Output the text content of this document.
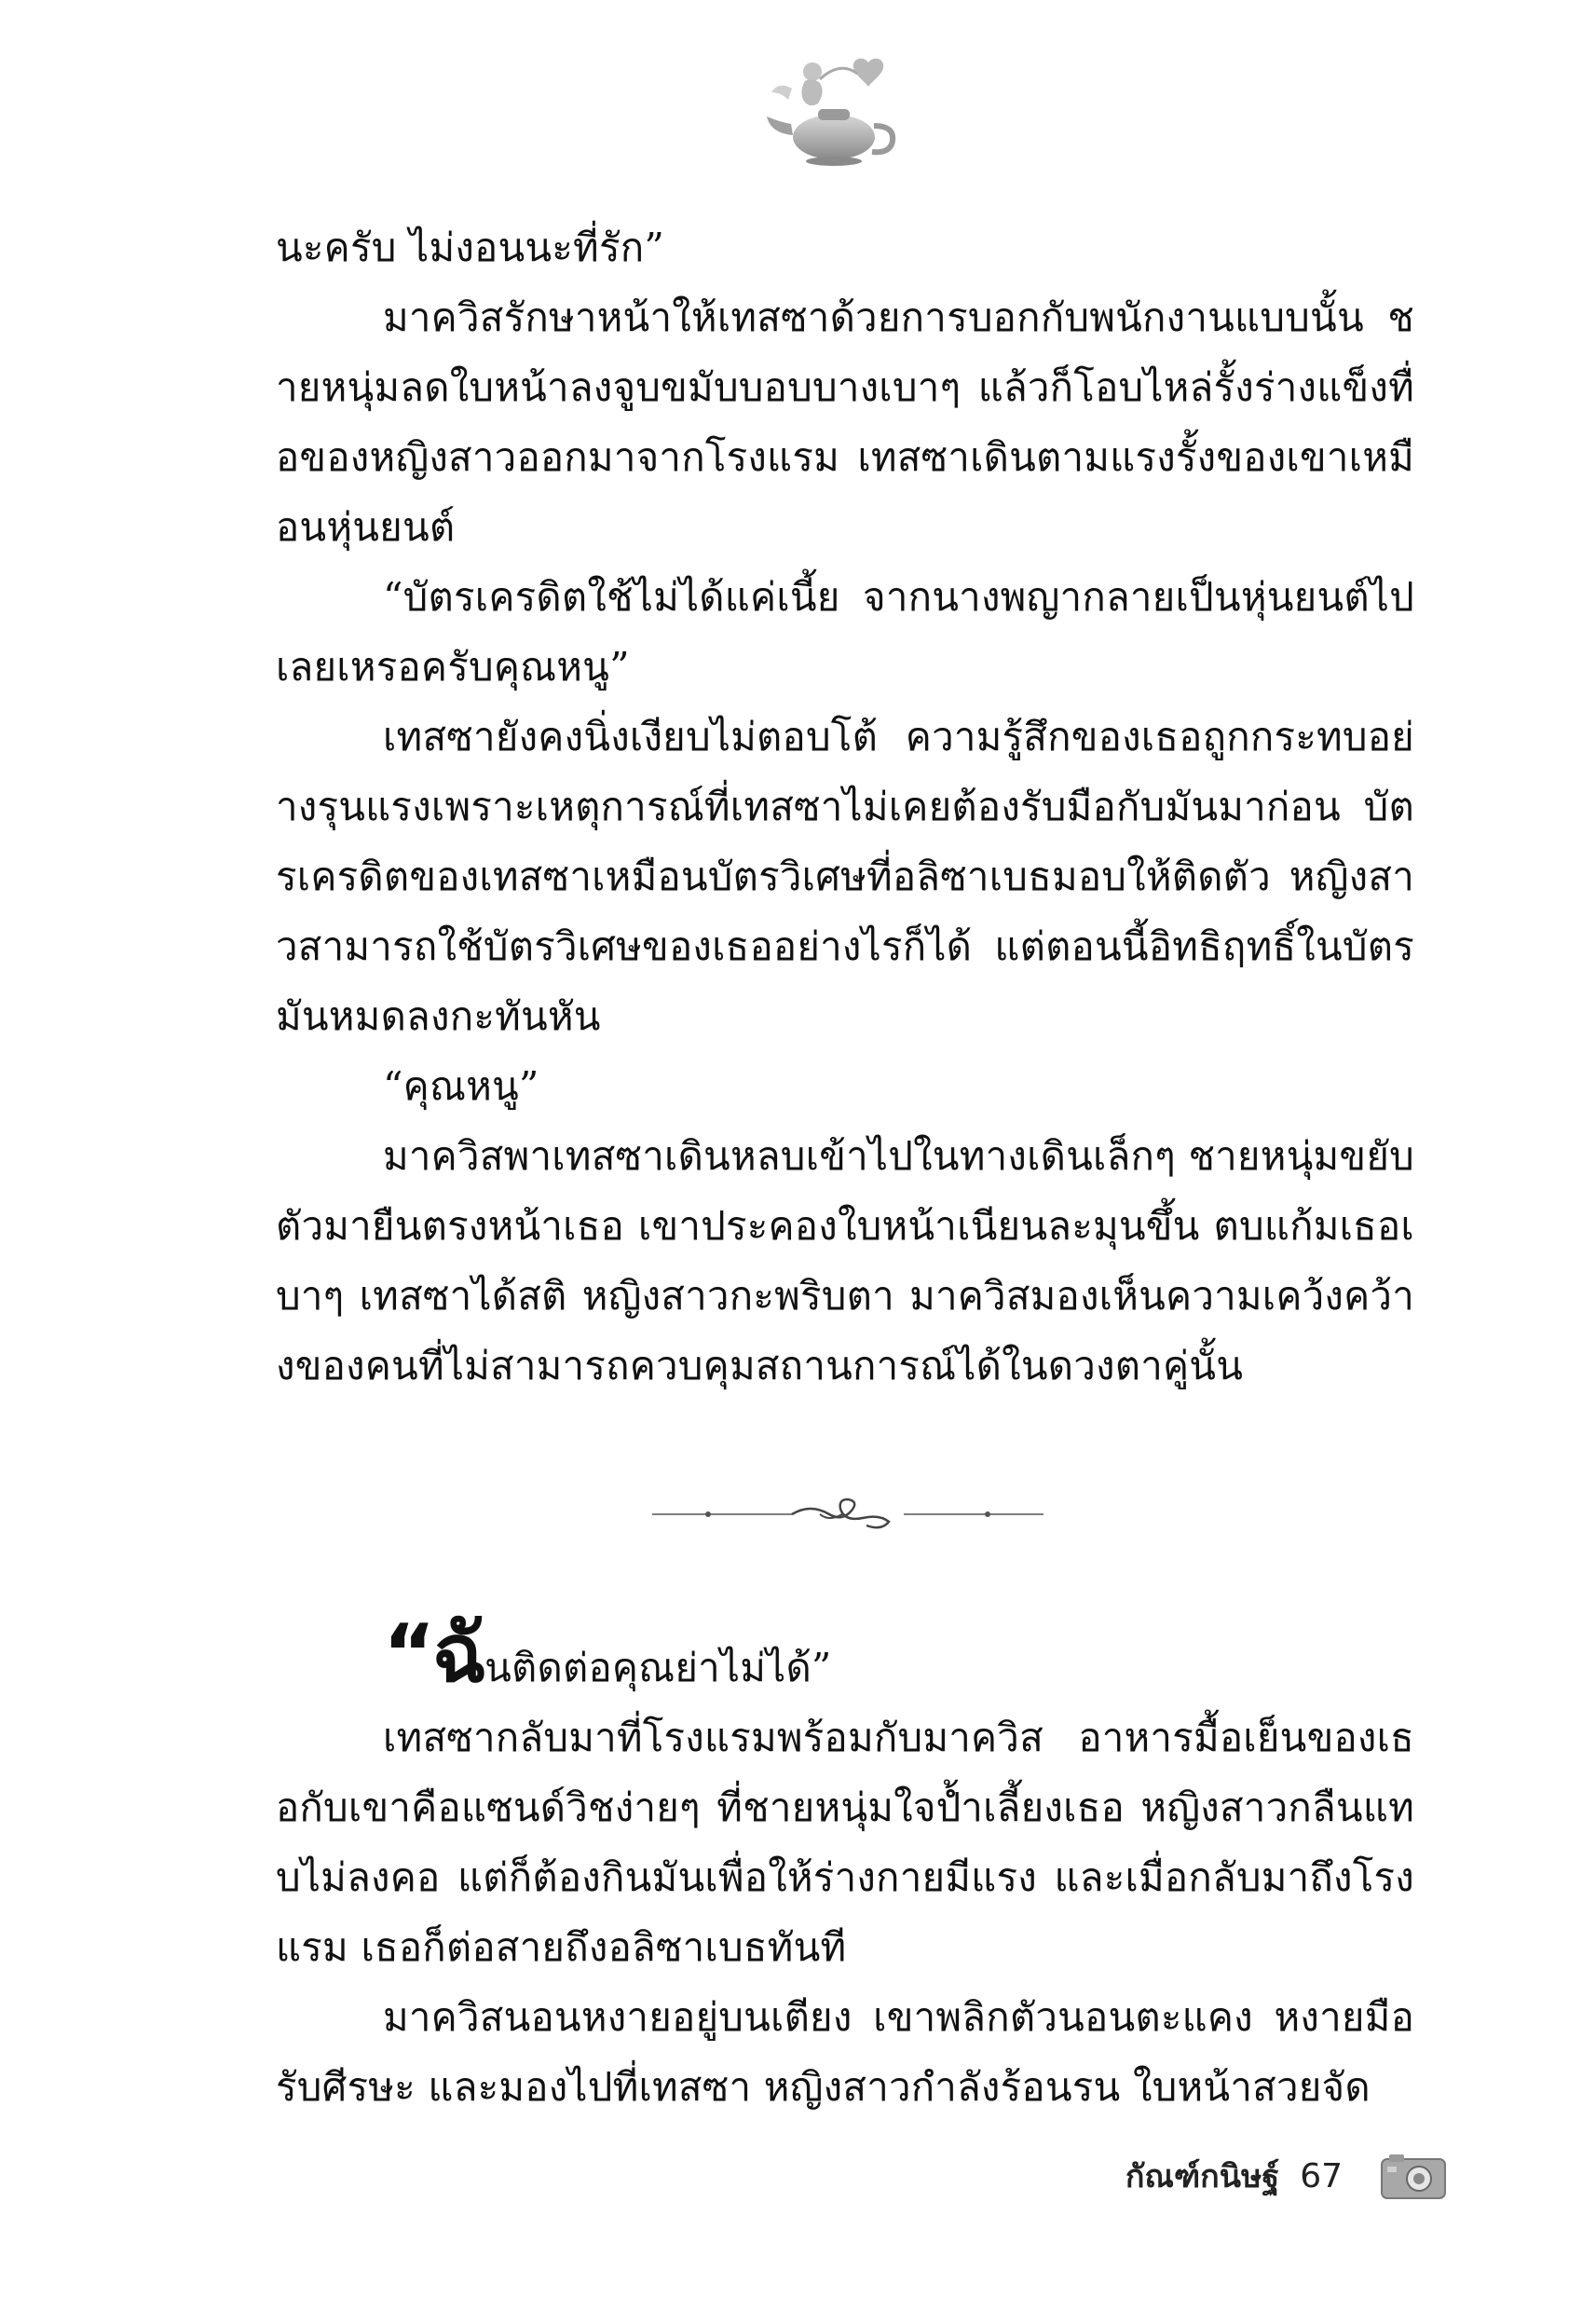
นะครับ ไม่งอนนะที่รัก”

มาควิสรักษาหน้าให้เทสซาด้วยการบอกกับพนักงานแบบนั้น ชายหนุ่มลดใบหน้าลงจูบขมับบอบบางเบาๆ แล้วก็โอบไหล่รั้งร่างแข็งทื่อของหญิงสาวออกมาจากโรงแรม เทสซาเดินตามแรงรั้งของเขาเหมือนหุ่นยนต์

“บัตรเครดิตใช้ไม่ได้แค่เนี้ย จากนางพญากลายเป็นหุ่นยนต์ไปเลยเหรอครับคุณหนู”

เทสซายังคงนิ่งเงียบไม่ตอบโต้ ความรู้สึกของเธอถูกกระทบอย่างรุนแรงเพราะเหตุการณ์ที่เทสซาไม่เคยต้องรับมือกับมันมาก่อน บัตรเครดิตของเทสซาเหมือนบัตรวิเศษที่อลิซาเบธมอบให้ติดตัว หญิงสาวสามารถใช้บัตรวิเศษของเธออย่างไรก็ได้ แต่ตอนนี้อิทธิฤทธิ์ในบัตรมันหมดลงกะทันหัน

“คุณหนู”

มาควิสพาเทสซาเดินหลบเข้าไปในทางเดินเล็กๆ ชายหนุ่มขยับตัวมายืนตรงหน้าเธอ เขาประคองใบหน้าเนียนละมุนขึ้น ตบแก้มเธอเบาๆ เทสซาได้สติ หญิงสาวกะพริบตา มาควิสมองเห็นความเคว้งคว้างของคนที่ไม่สามารถควบคุมสถานการณ์ได้ในดวงตาคู่นั้น

“ฉันติดต่อคุณย่าไม่ได้”

เทสซากลับมาที่โรงแรมพร้อมกับมาควิส อาหารมื้อเย็นของเธอกับเขาคือแซนด์วิชง่ายๆ ที่ชายหนุ่มใจป้ำเลี้ยงเธอ หญิงสาวกลืนแทบไม่ลงคอ แต่ก็ต้องกินมันเพื่อให้ร่างกายมีแรง และเมื่อกลับมาถึงโรงแรม เธอก็ต่อสายถึงอลิซาเบธทันที

มาควิสนอนหงายอยู่บนเตียง เขาพลิกตัวนอนตะแคง หงายมือรับศีรษะ และมองไปที่เทสซา หญิงสาวกำลังร้อนรน ใบหน้าสวยจัด

กัณฑ์กนิษฐ์ 67
